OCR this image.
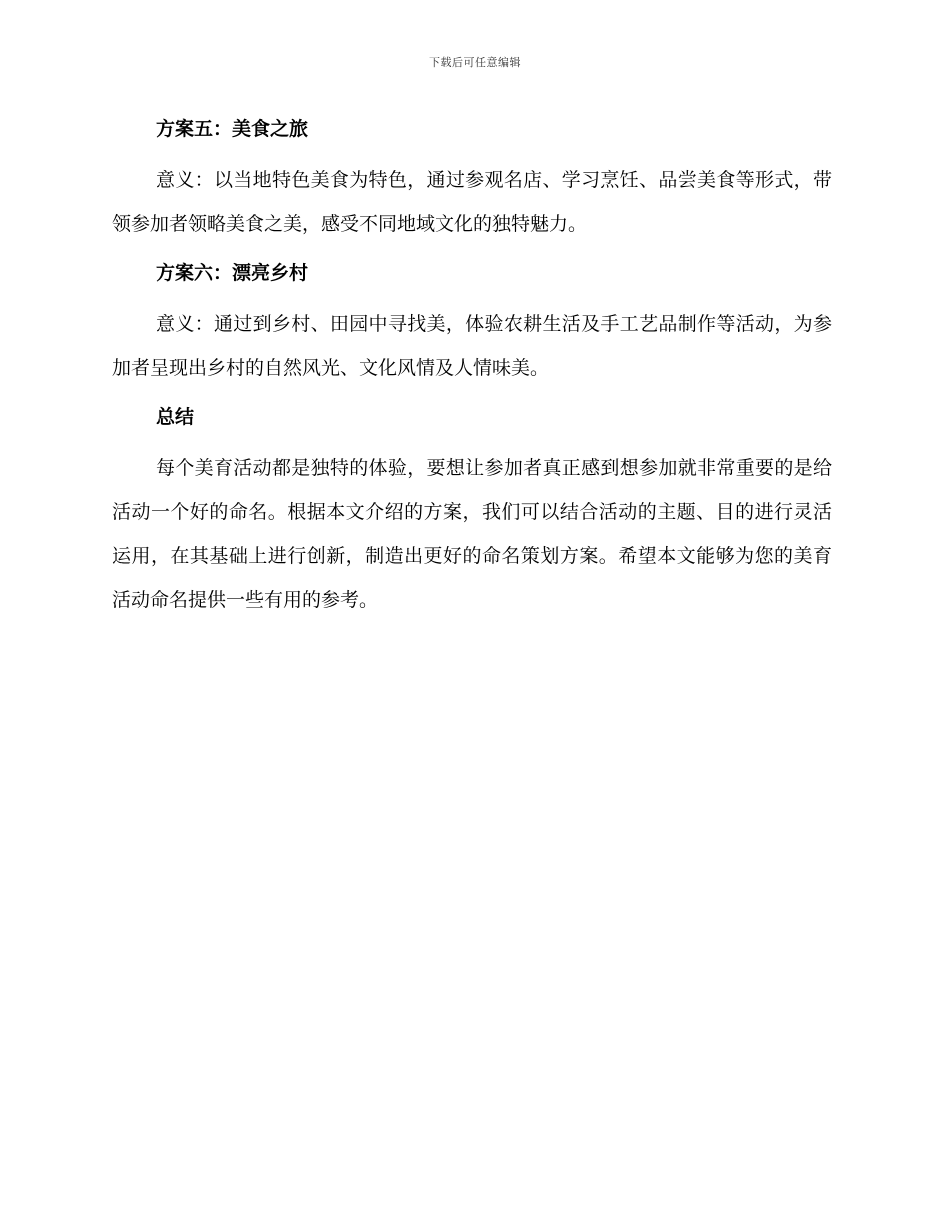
下载后可任意编辑
方案五：美食之旅
意义：以当地特色美食为特色，通过参观名店、学习烹饪、品尝美食等形式，带领参加者领略美食之美，感受不同地域文化的独特魅力。
方案六：漂亮乡村
意义：通过到乡村、田园中寻找美，体验农耕生活及手工艺品制作等活动，为参加者呈现出乡村的自然风光、文化风情及人情味美。
总结
每个美育活动都是独特的体验，要想让参加者真正感到想参加就非常重要的是给活动一个好的命名。根据本文介绍的方案，我们可以结合活动的主题、目的进行灵活运用，在其基础上进行创新，制造出更好的命名策划方案。希望本文能够为您的美育活动命名提供一些有用的参考。
